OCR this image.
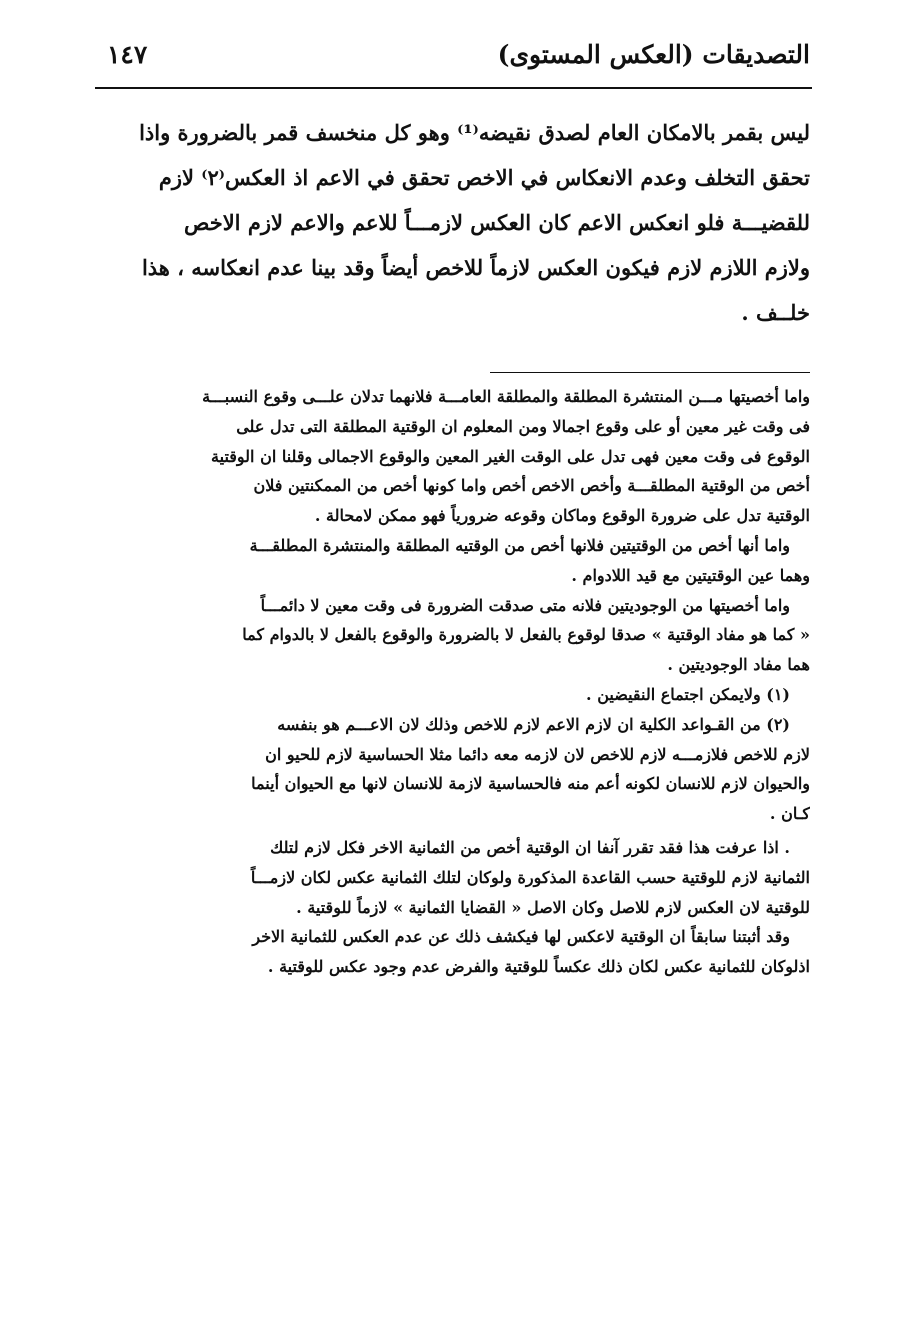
التصديقات (العكس المستوى)
١٤٧
ليس بقمر بالامكان العام لصدق نقيضه⁽¹⁾ وهو كل منخسف قمر بالضرورة واذا
تحقق التخلف وعدم الانعكاس في الاخص تحقق في الاعم اذ العكس⁽٢⁾ لازم
للقضيـــة فلو انعكس الاعم كان العكس لازمـــاً للاعم والاعم لازم الاخص
ولازم اللازم لازم فيكون العكس لازماً للاخص أيضاً وقد بينا عدم انعكاسه ، هذا
خلــف .
واما أخصيتها مـــن المنتشرة المطلقة والمطلقة العامـــة فلانهما تدلان علـــى وقوع النسبـــة
فى وقت غير معين أو على وقوع اجمالا ومن المعلوم ان الوقتية المطلقة التى تدل على
الوقوع فى وقت معين فهى تدل على الوقت الغير المعين والوقوع الاجمالى وقلنا ان الوقتية
أخص من الوقتية المطلقـــة وأخص الاخص أخص واما كونها أخص من الممكنتين فلان
الوقتية تدل على ضرورة الوقوع وماكان وقوعه ضرورياً فهو ممكن لامحالة .
واما أنها أخص من الوقتيتين فلانها أخص من الوقتيه المطلقة والمنتشرة المطلقـــة
وهما عين الوقتيتين مع قيد اللادوام .
واما أخصيتها من الوجوديتين فلانه متى صدقت الضرورة فى وقت معين لا دائمـــاً
« كما هو مفاد الوقتية » صدقا لوقوع بالفعل لا بالضرورة والوقوع بالفعل لا بالدوام كما
هما مفاد الوجوديتين .
(١) ولايمكن اجتماع النقيضين .
(٢) من القـواعد الكلية ان لازم الاعم لازم للاخص وذلك لان الاعـــم هو بنفسه
لازم للاخص فلازمـــه لازم للاخص لان لازمه معه دائما مثلا الحساسية لازم للحيو ان
والحيوان لازم للانسان لكونه أعم منه فالحساسية لازمة للانسان لانها مع الحيوان أينما
كـان .
. اذا عرفت هذا فقد تقرر آنفا ان الوقتية أخص من الثمانية الاخر فكل لازم لتلك
الثمانية لازم للوقتية حسب القاعدة المذكورة ولوكان لتلك الثمانية عكس لكان لازمـــاً
للوقتية لان العكس لازم للاصل وكان الاصل « القضايا الثمانية » لازماً للوقتية .
وقد أثبتنا سابقاً ان الوقتية لاعكس لها فيكشف ذلك عن عدم العكس للثمانية الاخر
اذلوكان للثمانية عكس لكان ذلك عكساً للوقتية والفرض عدم وجود عكس للوقتية .
